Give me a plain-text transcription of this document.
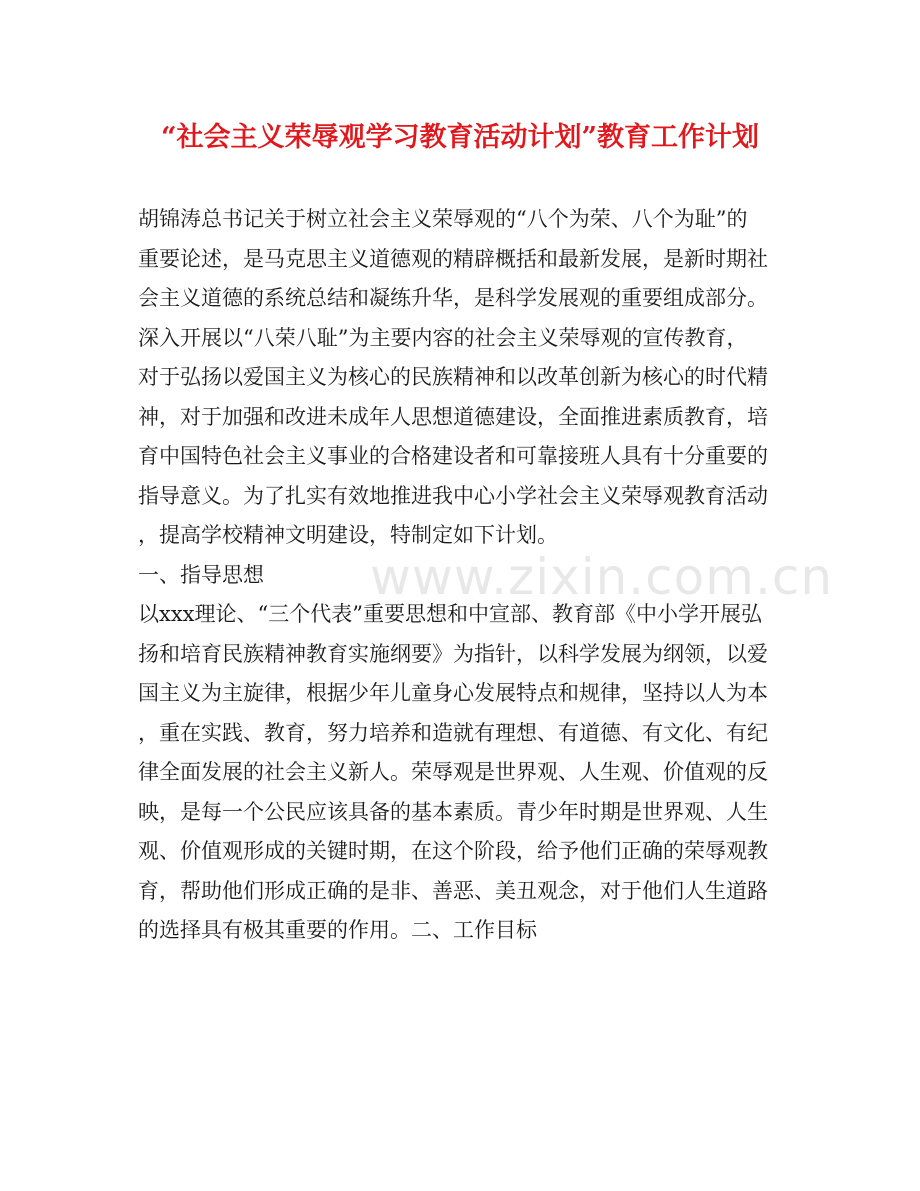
“社会主义荣辱观学习教育活动计划”教育工作计划
胡锦涛总书记关于树立社会主义荣辱观的“八个为荣、八个为耻”的
重要论述，是马克思主义道德观的精辟概括和最新发展，是新时期社
会主义道德的系统总结和凝练升华，是科学发展观的重要组成部分。
深入开展以“八荣八耻”为主要内容的社会主义荣辱观的宣传教育，
对于弘扬以爱国主义为核心的民族精神和以改革创新为核心的时代精
神，对于加强和改进未成年人思想道德建设，全面推进素质教育，培
育中国特色社会主义事业的合格建设者和可靠接班人具有十分重要的
指导意义。为了扎实有效地推进我中心小学社会主义荣辱观教育活动
，提高学校精神文明建设，特制定如下计划。
一、指导思想
以xxx理论、“三个代表”重要思想和中宣部、教育部《中小学开展弘
扬和培育民族精神教育实施纲要》为指针，以科学发展为纲领，以爱
国主义为主旋律，根据少年儿童身心发展特点和规律，坚持以人为本
，重在实践、教育，努力培养和造就有理想、有道德、有文化、有纪
律全面发展的社会主义新人。荣辱观是世界观、人生观、价值观的反
映，是每一个公民应该具备的基本素质。青少年时期是世界观、人生
观、价值观形成的关键时期，在这个阶段，给予他们正确的荣辱观教
育，帮助他们形成正确的是非、善恶、美丑观念，对于他们人生道路
的选择具有极其重要的作用。二、工作目标
www.zixin.com.cn
